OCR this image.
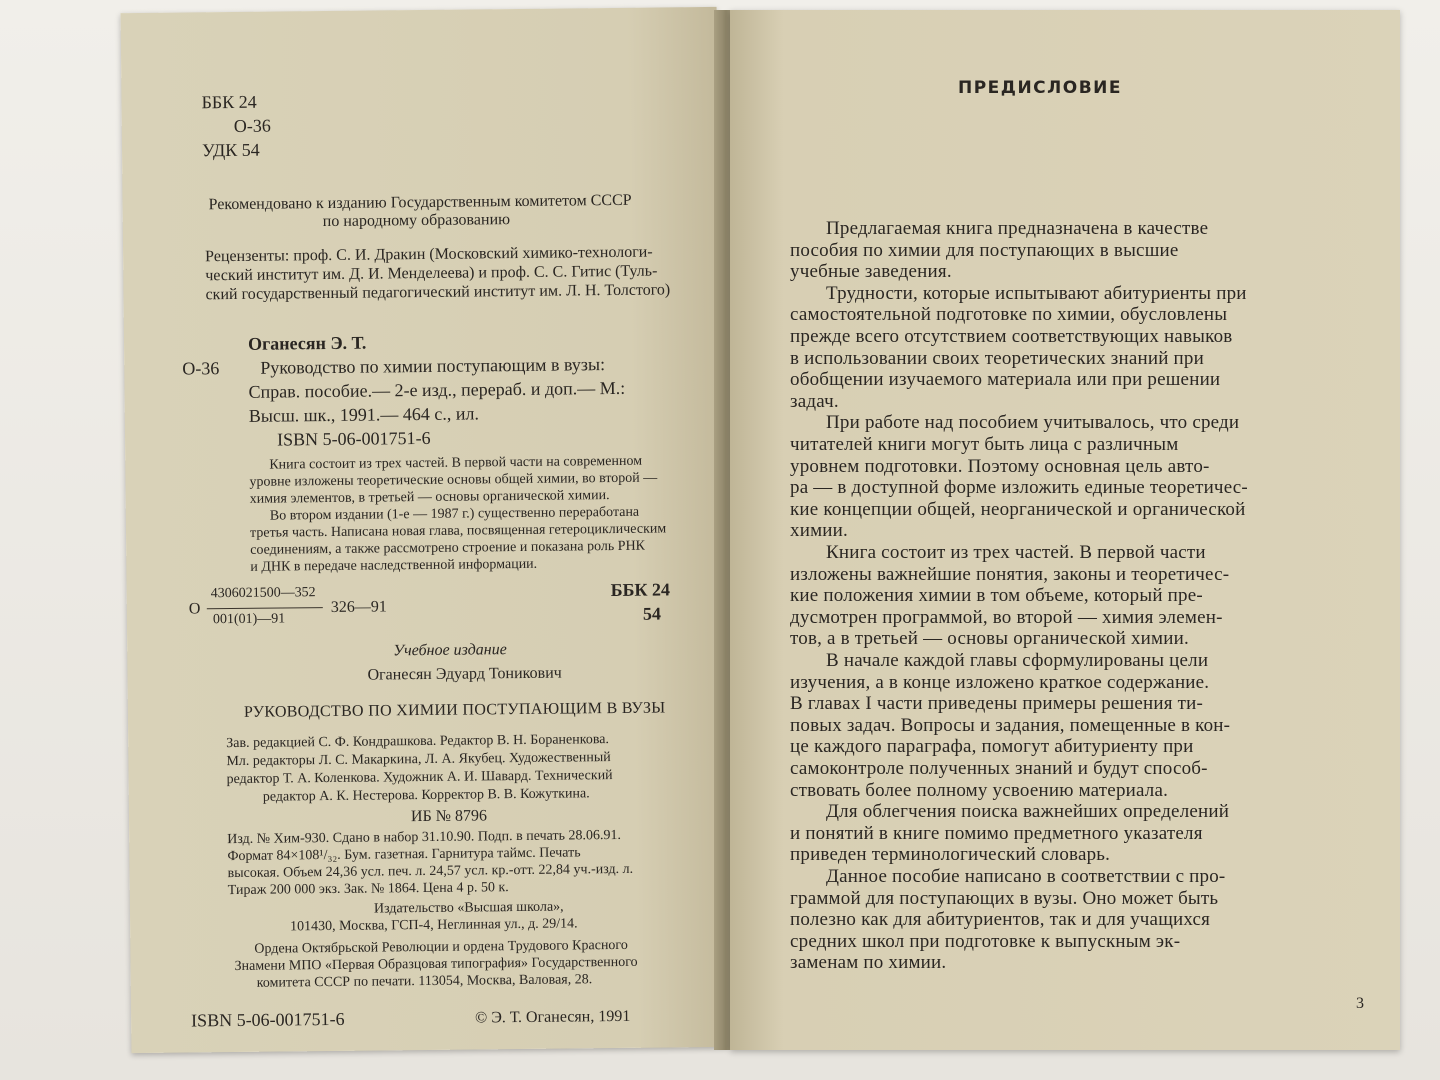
ББК 24
О-36
УДК 54
Рекомендовано к изданию Государственным комитетом СССР
по народному образованию
Рецензенты: проф. С. И. Дракин (Московский химико-технологи-
ческий институт им. Д. И. Менделеева) и проф. С. С. Гитис (Туль-
ский государственный педагогический институт им. Л. Н. Толстого)
Оганесян Э. Т.
О-36 Руководство по химии поступающим в вузы:
Справ. пособие.— 2-е изд., перераб. и доп.— М.:
Высш. шк., 1991.— 464 с., ил.
ISBN 5-06-001751-6
Книга состоит из трех частей. В первой части на современном
уровне изложены теоретические основы общей химии, во второй —
химия элементов, в третьей — основы органической химии.
Во втором издании (1-е — 1987 г.) существенно переработана
третья часть. Написана новая глава, посвященная гетероциклическим
соединениям, а также рассмотрено строение и показана роль РНК
и ДНК в передаче наследственной информации.
О
4306021500—352
001(01)—91
326—91
ББК 24
54
Учебное издание
Оганесян Эдуард Тоникович
РУКОВОДСТВО ПО ХИМИИ ПОСТУПАЮЩИМ В ВУЗЫ
Зав. редакцией С. Ф. Кондрашкова. Редактор В. Н. Бораненкова.
Мл. редакторы Л. С. Макаркина, Л. А. Якубец. Художественный
редактор Т. А. Коленкова. Художник А. И. Шавард. Технический
редактор А. К. Нестерова. Корректор В. В. Кожуткина.
ИБ № 8796
Изд. № Хим-930. Сдано в набор 31.10.90. Подп. в печать 28.06.91.
Формат 84×108¹/₃₂. Бум. газетная. Гарнитура таймс. Печать
высокая. Объем 24,36 усл. печ. л. 24,57 усл. кр.-отт. 22,84 уч.-изд. л.
Тираж 200 000 экз. Зак. № 1864. Цена 4 р. 50 к.
Издательство «Высшая школа»,
101430, Москва, ГСП-4, Неглинная ул., д. 29/14.
Ордена Октябрьской Революции и ордена Трудового Красного
Знамени МПО «Первая Образцовая типография» Государственного
комитета СССР по печати. 113054, Москва, Валовая, 28.
ISBN 5-06-001751-6	© Э. Т. Оганесян, 1991
ПРЕДИСЛОВИЕ
Предлагаемая книга предназначена в качестве
пособия по химии для поступающих в высшие
учебные заведения.
Трудности, которые испытывают абитуриенты при
самостоятельной подготовке по химии, обусловлены
прежде всего отсутствием соответствующих навыков
в использовании своих теоретических знаний при
обобщении изучаемого материала или при решении
задач.
При работе над пособием учитывалось, что среди
читателей книги могут быть лица с различным
уровнем подготовки. Поэтому основная цель авто-
ра — в доступной форме изложить единые теоретичес-
кие концепции общей, неорганической и органической
химии.
Книга состоит из трех частей. В первой части
изложены важнейшие понятия, законы и теоретичес-
кие положения химии в том объеме, который пре-
дусмотрен программой, во второй — химия элемен-
тов, а в третьей — основы органической химии.
В начале каждой главы сформулированы цели
изучения, а в конце изложено краткое содержание.
В главах I части приведены примеры решения ти-
повых задач. Вопросы и задания, помещенные в кон-
це каждого параграфа, помогут абитуриенту при
самоконтроле полученных знаний и будут способ-
ствовать более полному усвоению материала.
Для облегчения поиска важнейших определений
и понятий в книге помимо предметного указателя
приведен терминологический словарь.
Данное пособие написано в соответствии с про-
граммой для поступающих в вузы. Оно может быть
полезно как для абитуриентов, так и для учащихся
средних школ при подготовке к выпускным эк-
заменам по химии.
3
